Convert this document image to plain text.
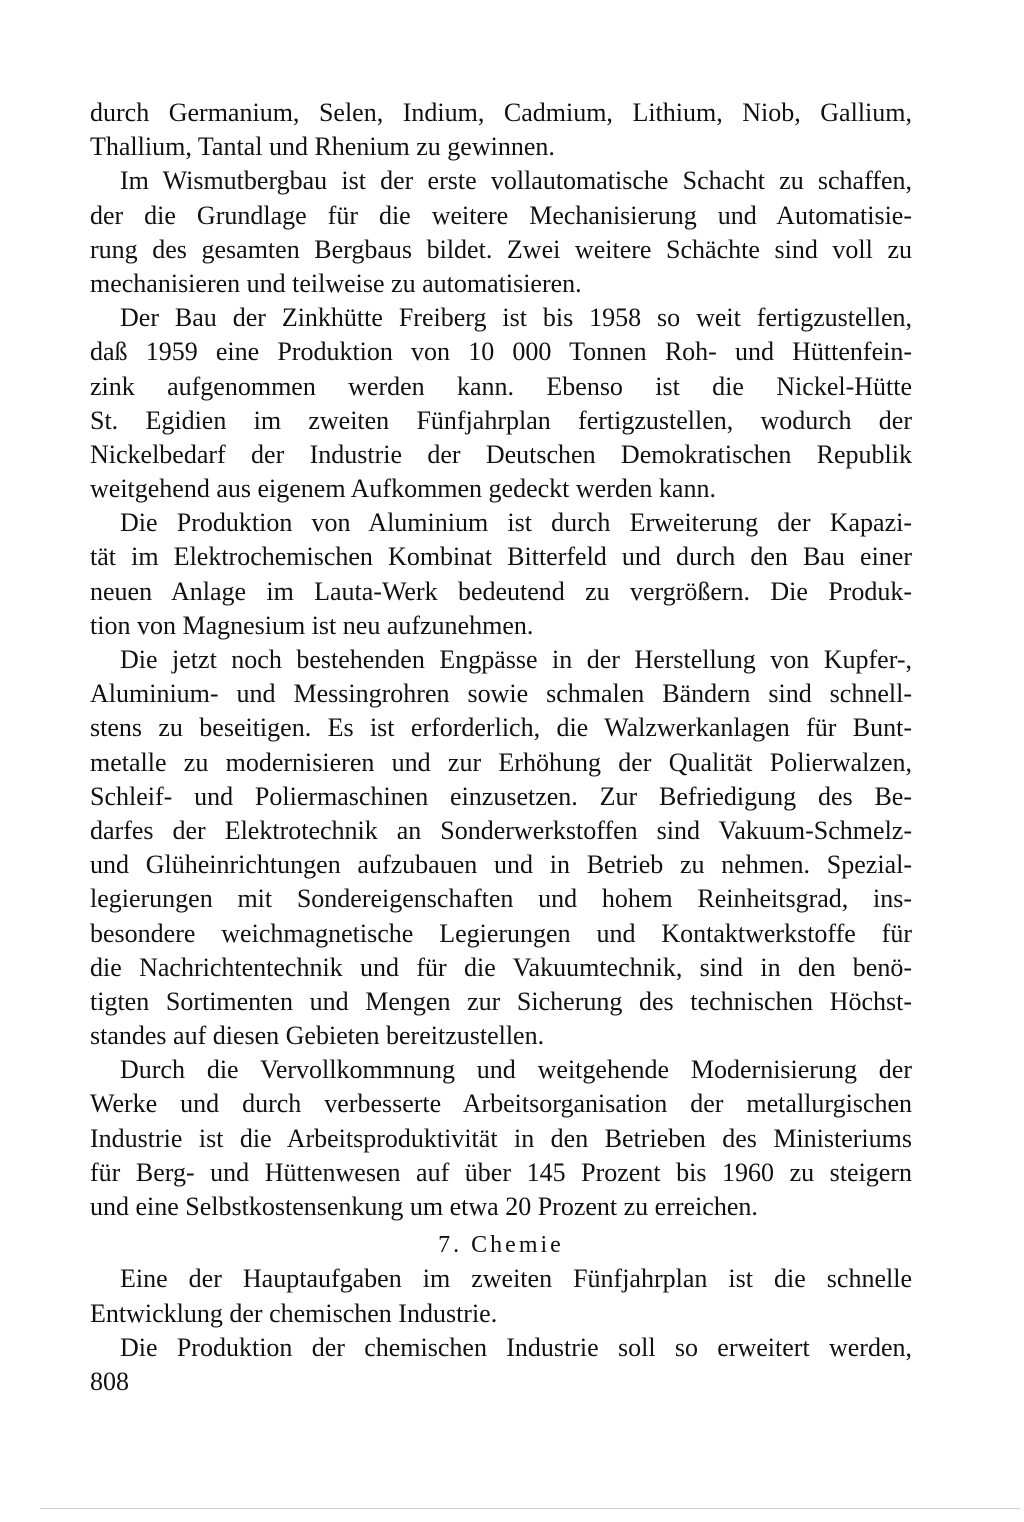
durch Germanium, Selen, Indium, Cadmium, Lithium, Niob, Gallium,
Thallium, Tantal und Rhenium zu gewinnen.
Im Wismutbergbau ist der erste vollautomatische Schacht zu schaffen,
der die Grundlage für die weitere Mechanisierung und Automatisie-
rung des gesamten Bergbaus bildet. Zwei weitere Schächte sind voll zu
mechanisieren und teilweise zu automatisieren.
Der Bau der Zinkhütte Freiberg ist bis 1958 so weit fertigzustellen,
daß 1959 eine Produktion von 10 000 Tonnen Roh- und Hüttenfein-
zink aufgenommen werden kann. Ebenso ist die Nickel-Hütte
St. Egidien im zweiten Fünfjahrplan fertigzustellen, wodurch der
Nickelbedarf der Industrie der Deutschen Demokratischen Republik
weitgehend aus eigenem Aufkommen gedeckt werden kann.
Die Produktion von Aluminium ist durch Erweiterung der Kapazi-
tät im Elektrochemischen Kombinat Bitterfeld und durch den Bau einer
neuen Anlage im Lauta-Werk bedeutend zu vergrößern. Die Produk-
tion von Magnesium ist neu aufzunehmen.
Die jetzt noch bestehenden Engpässe in der Herstellung von Kupfer-,
Aluminium- und Messingrohren sowie schmalen Bändern sind schnell-
stens zu beseitigen. Es ist erforderlich, die Walzwerkanlagen für Bunt-
metalle zu modernisieren und zur Erhöhung der Qualität Polierwalzen,
Schleif- und Poliermaschinen einzusetzen. Zur Befriedigung des Be-
darfes der Elektrotechnik an Sonderwerkstoffen sind Vakuum-Schmelz-
und Glüheinrichtungen aufzubauen und in Betrieb zu nehmen. Spezial-
legierungen mit Sondereigenschaften und hohem Reinheitsgrad, ins-
besondere weichmagnetische Legierungen und Kontaktwerkstoffe für
die Nachrichtentechnik und für die Vakuumtechnik, sind in den benö-
tigten Sortimenten und Mengen zur Sicherung des technischen Höchst-
standes auf diesen Gebieten bereitzustellen.
Durch die Vervollkommnung und weitgehende Modernisierung der
Werke und durch verbesserte Arbeitsorganisation der metallurgischen
Industrie ist die Arbeitsproduktivität in den Betrieben des Ministeriums
für Berg- und Hüttenwesen auf über 145 Prozent bis 1960 zu steigern
und eine Selbstkostensenkung um etwa 20 Prozent zu erreichen.
7. Chemie
Eine der Hauptaufgaben im zweiten Fünfjahrplan ist die schnelle
Entwicklung der chemischen Industrie.
Die Produktion der chemischen Industrie soll so erweitert werden,
808
